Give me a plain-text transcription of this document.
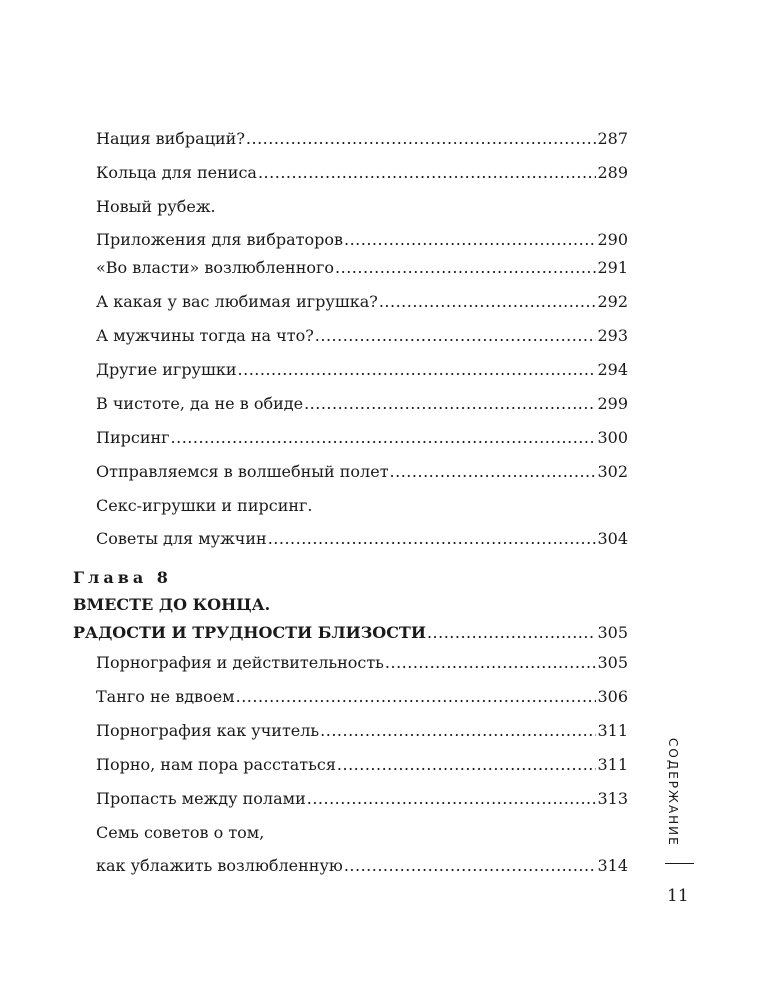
Нация вибраций? .....	287
Кольца для пениса .....	289
Новый рубеж.
Приложения для вибраторов .....	290
«Во власти» возлюбленного .....	291
А какая у вас любимая игрушка? .....	292
А мужчины тогда на что? .....	293
Другие игрушки .....	294
В чистоте, да не в обиде .....	299
Пирсинг .....	300
Отправляемся в волшебный полет .....	302
Секс-игрушки и пирсинг.
Советы для мужчин .....	304
Глава 8
ВМЕСТЕ ДО КОНЦА.
РАДОСТИ И ТРУДНОСТИ БЛИЗОСТИ .....	305
Порнография и действительность .....	305
Танго не вдвоем .....	306
Порнография как учитель .....	311
Порно, нам пора расстаться .....	311
Пропасть между полами .....	313
Семь советов о том,
как ублажить возлюбленную .....	314
СОДЕРЖАНИЕ
11
